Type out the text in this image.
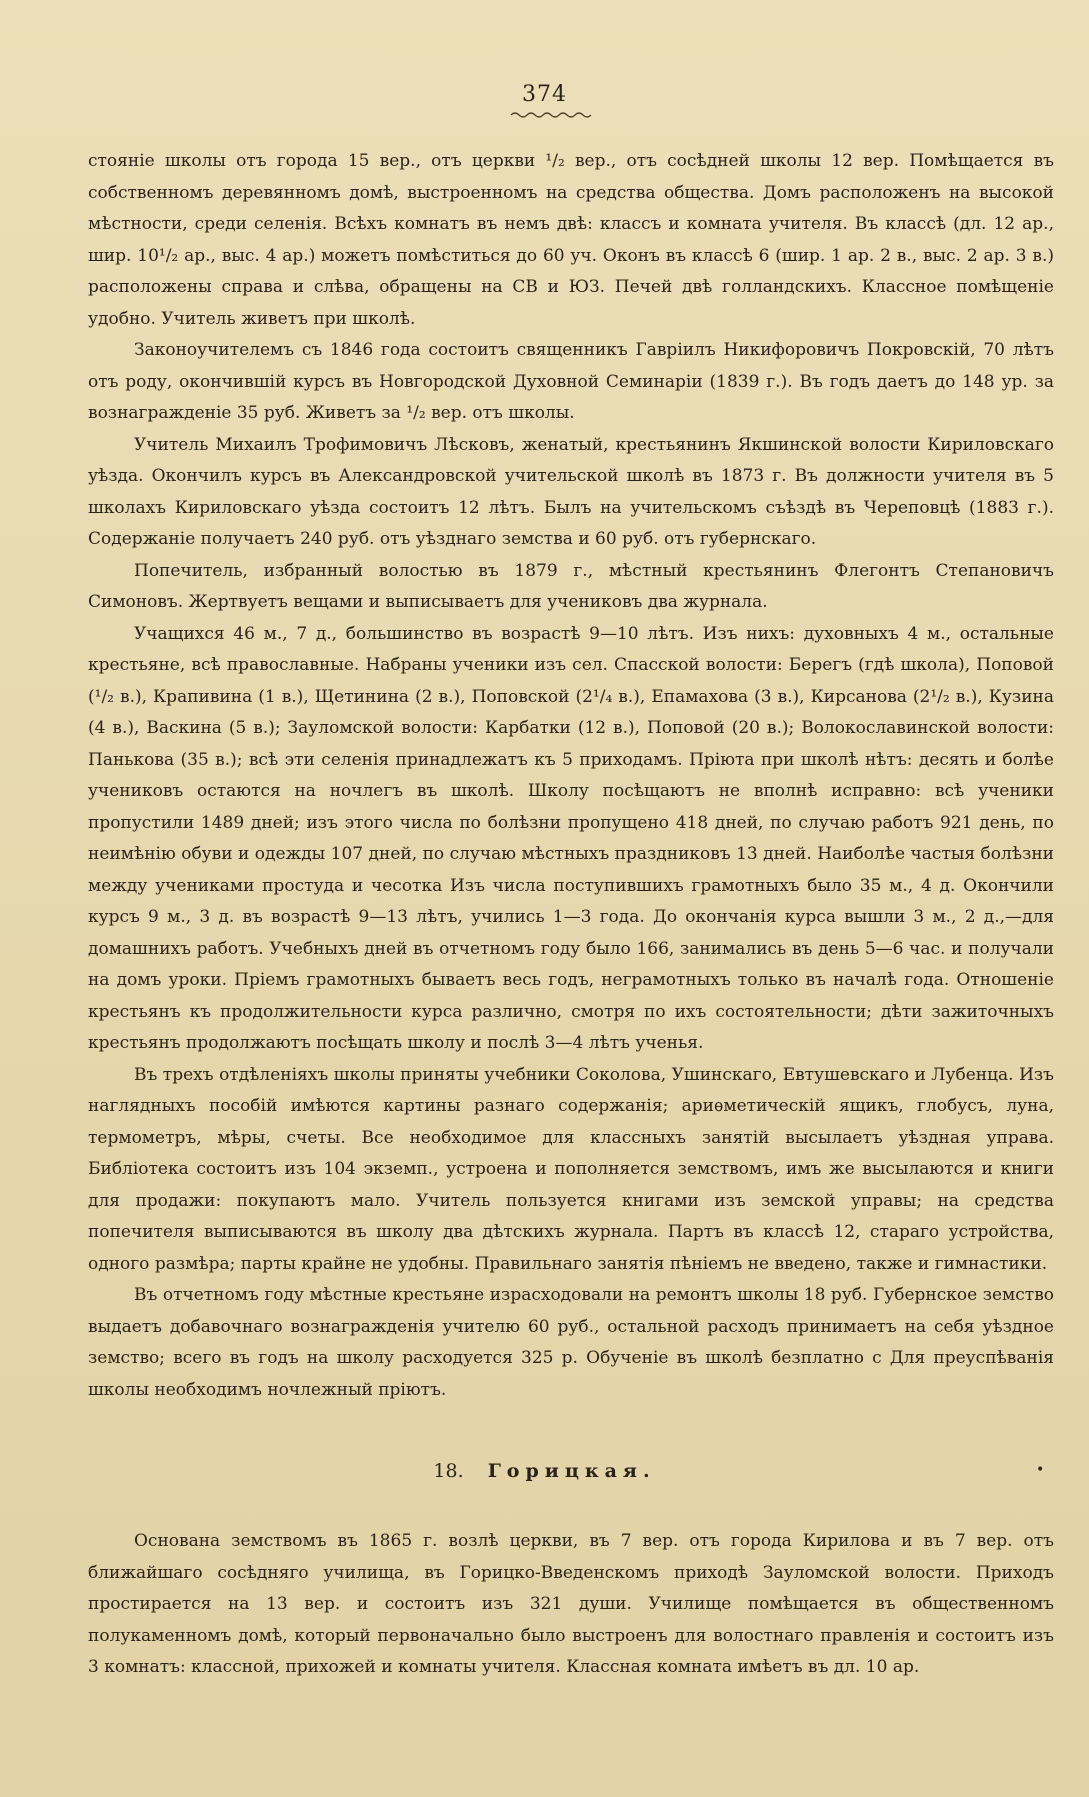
374

стояніе школы отъ города 15 вер., отъ церкви ¹/₂ вер., отъ сосѣдней школы 12 вер. Помѣщается въ собственномъ деревянномъ домѣ, выстроенномъ на средства общества. Домъ расположенъ на высокой мѣстности, среди селенія. Всѣхъ комнатъ въ немъ двѣ: классъ и комната учителя. Въ классѣ (дл. 12 ар., шир. 10¹/₂ ар., выс. 4 ар.) можетъ помѣститься до 60 уч. Оконъ въ классѣ 6 (шир. 1 ар. 2 в., выс. 2 ар. 3 в.) расположены справа и слѣва, обращены на СВ и ЮЗ. Печей двѣ голландскихъ. Классное помѣщеніе удобно. Учитель живетъ при школѣ.

Законоучителемъ съ 1846 года состоитъ священникъ Гавріилъ Никифоровичъ Покровскій, 70 лѣтъ отъ роду, окончившій курсъ въ Новгородской Духовной Семинаріи (1839 г.). Въ годъ даетъ до 148 ур. за вознагражденіе 35 руб. Живетъ за ¹/₂ вер. отъ школы.

Учитель Михаилъ Трофимовичъ Лѣсковъ, женатый, крестьянинъ Якшинской волости Кириловскаго уѣзда. Окончилъ курсъ въ Александровской учительской школѣ въ 1873 г. Въ должности учителя въ 5 школахъ Кириловскаго уѣзда состоитъ 12 лѣтъ. Былъ на учительскомъ съѣздѣ въ Череповцѣ (1883 г.). Содержаніе получаетъ 240 руб. отъ уѣзднаго земства и 60 руб. отъ губернскаго.

Попечитель, избранный волостью въ 1879 г., мѣстный крестьянинъ Флегонтъ Степановичъ Симоновъ. Жертвуетъ вещами и выписываетъ для учениковъ два журнала.

Учащихся 46 м., 7 д., большинство въ возрастѣ 9—10 лѣтъ. Изъ нихъ: духовныхъ 4 м., остальные крестьяне, всѣ православные. Набраны ученики изъ сел. Спасской волости: Берегъ (гдѣ школа), Поповой (¹/₂ в.), Крапивина (1 в.), Щетинина (2 в.), Поповской (2¹/₄ в.), Епамахова (3 в.), Кирсанова (2¹/₂ в.), Кузина (4 в.), Васкина (5 в.); Зауломской волости: Карбатки (12 в.), Поповой (20 в.); Волокославинской волости: Панькова (35 в.); всѣ эти селенія принадлежатъ къ 5 приходамъ. Пріюта при школѣ нѣтъ: десять и болѣе учениковъ остаются на ночлегъ въ школѣ. Школу посѣщаютъ не вполнѣ исправно: всѣ ученики пропустили 1489 дней; изъ этого числа по болѣзни пропущено 418 дней, по случаю работъ 921 день, по неимѣнію обуви и одежды 107 дней, по случаю мѣстныхъ праздниковъ 13 дней. Наиболѣе частыя болѣзни между учениками простуда и чесотка Изъ числа поступившихъ грамотныхъ было 35 м., 4 д. Окончили курсъ 9 м., 3 д. въ возрастѣ 9—13 лѣтъ, учились 1—3 года. До окончанія курса вышли 3 м., 2 д.,—для домашнихъ работъ. Учебныхъ дней въ отчетномъ году было 166, занимались въ день 5—6 час. и получали на домъ уроки. Пріемъ грамотныхъ бываетъ весь годъ, неграмотныхъ только въ началѣ года. Отношеніе крестьянъ къ продолжительности курса различно, смотря по ихъ состоятельности; дѣти зажиточныхъ крестьянъ продолжаютъ посѣщать школу и послѣ 3—4 лѣтъ ученья.

Въ трехъ отдѣленіяхъ школы приняты учебники Соколова, Ушинскаго, Евтушевскаго и Лубенца. Изъ наглядныхъ пособій имѣются картины разнаго содержанія; ариѳметическій ящикъ, глобусъ, луна, термометръ, мѣры, счеты. Все необходимое для классныхъ занятій высылаетъ уѣздная управа. Библіотека состоитъ изъ 104 экземп., устроена и пополняется земствомъ, имъ же высылаются и книги для продажи: покупаютъ мало. Учитель пользуется книгами изъ земской управы; на средства попечителя выписываются въ школу два дѣтскихъ журнала. Партъ въ классѣ 12, стараго устройства, одного размѣра; парты крайне не удобны. Правильнаго занятія пѣніемъ не введено, также и гимнастики.

Въ отчетномъ году мѣстные крестьяне израсходовали на ремонтъ школы 18 руб. Губернское земство выдаетъ добавочнаго вознагражденія учителю 60 руб., остальной расходъ принимаетъ на себя уѣздное земство; всего въ годъ на школу расходуется 325 р. Обученіе въ школѣ безплатно с Для преуспѣванія школы необходимъ ночлежный пріютъ.

18. Горицкая.	•

Основана земствомъ въ 1865 г. возлѣ церкви, въ 7 вер. отъ города Кирилова и въ 7 вер. отъ ближайшаго сосѣдняго училища, въ Горицко-Введенскомъ приходѣ Зауломской волости. Приходъ простирается на 13 вер. и состоитъ изъ 321 души. Училище помѣщается въ общественномъ полукаменномъ домѣ, который первоначально было выстроенъ для волостнаго правленія и состоитъ изъ 3 комнатъ: классной, прихожей и комнаты учителя. Классная комната имѣетъ въ дл. 10 ар.
